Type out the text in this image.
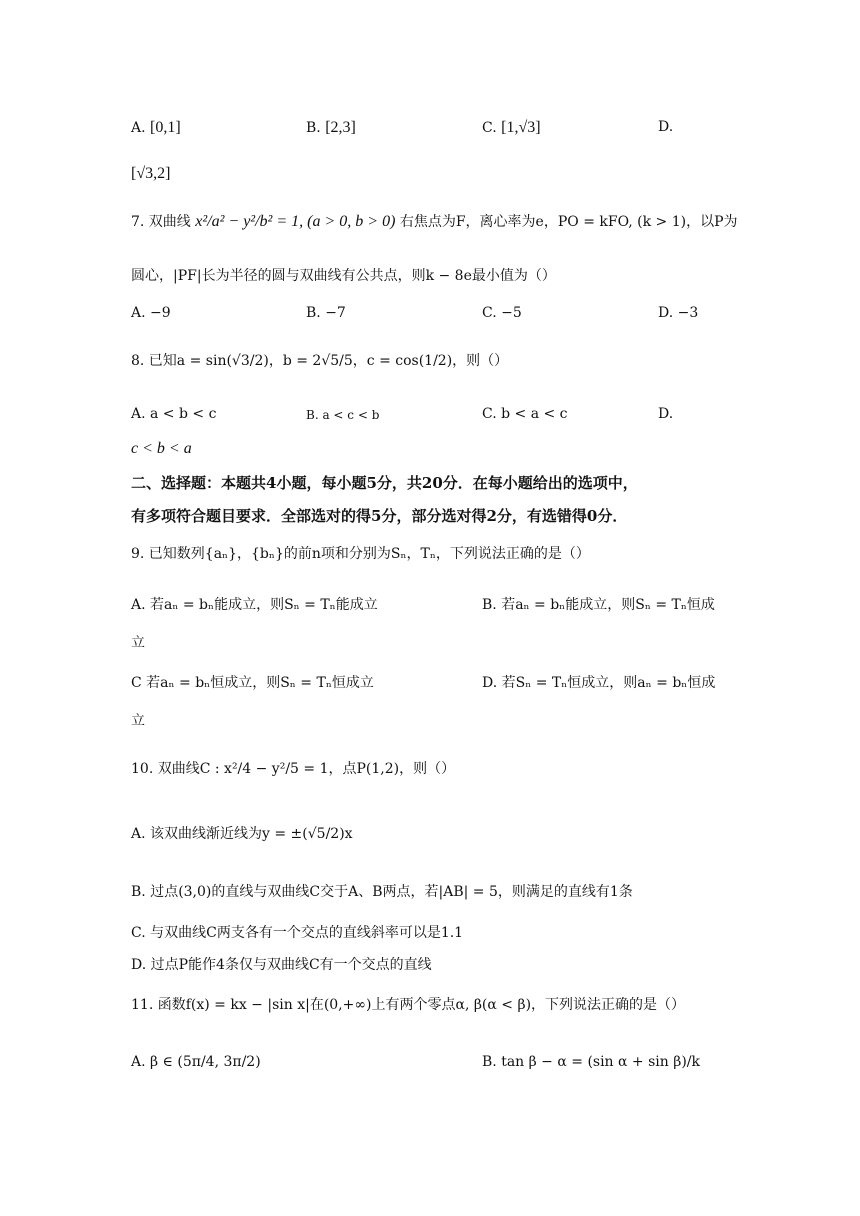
A. [0,1]	B. [2,3]	C. [1,√3]	D.
[√3,2]
7. 双曲线 x²/a² − y²/b² = 1, (a > 0, b > 0) 右焦点为F，离心率为e，PO = kFO, (k > 1)，以P为
圆心，|PF|长为半径的圆与双曲线有公共点，则k − 8e最小值为（）
A. −9	B. −7	C. −5	D. −3
8. 已知a = sin(√3/2)，b = 2√5/5，c = cos(1/2)，则（）
A. a < b < c	B. a < c < b	C. b < a < c	D.
c < b < a
二、选择题：本题共4小题，每小题5分，共20分．在每小题给出的选项中，
有多项符合题目要求．全部选对的得5分，部分选对得2分，有选错得0分．
9. 已知数列{aₙ}，{bₙ}的前n项和分别为Sₙ，Tₙ，下列说法正确的是（）
A. 若aₙ = bₙ能成立，则Sₙ = Tₙ能成立	B. 若aₙ = bₙ能成立，则Sₙ = Tₙ恒成
立
C 若aₙ = bₙ恒成立，则Sₙ = Tₙ恒成立	D. 若Sₙ = Tₙ恒成立，则aₙ = bₙ恒成
立
10. 双曲线C : x²/4 − y²/5 = 1，点P(1,2)，则（）
A. 该双曲线渐近线为y = ±(√5/2)x
B. 过点(3,0)的直线与双曲线C交于A、B两点，若|AB| = 5，则满足的直线有1条
C. 与双曲线C两支各有一个交点的直线斜率可以是1.1
D. 过点P能作4条仅与双曲线C有一个交点的直线
11. 函数f(x) = kx − |sin x|在(0,+∞)上有两个零点α, β(α < β)，下列说法正确的是（）
A. β ∈ (5π/4, 3π/2)	B. tan β − α = (sin α + sin β)/k
